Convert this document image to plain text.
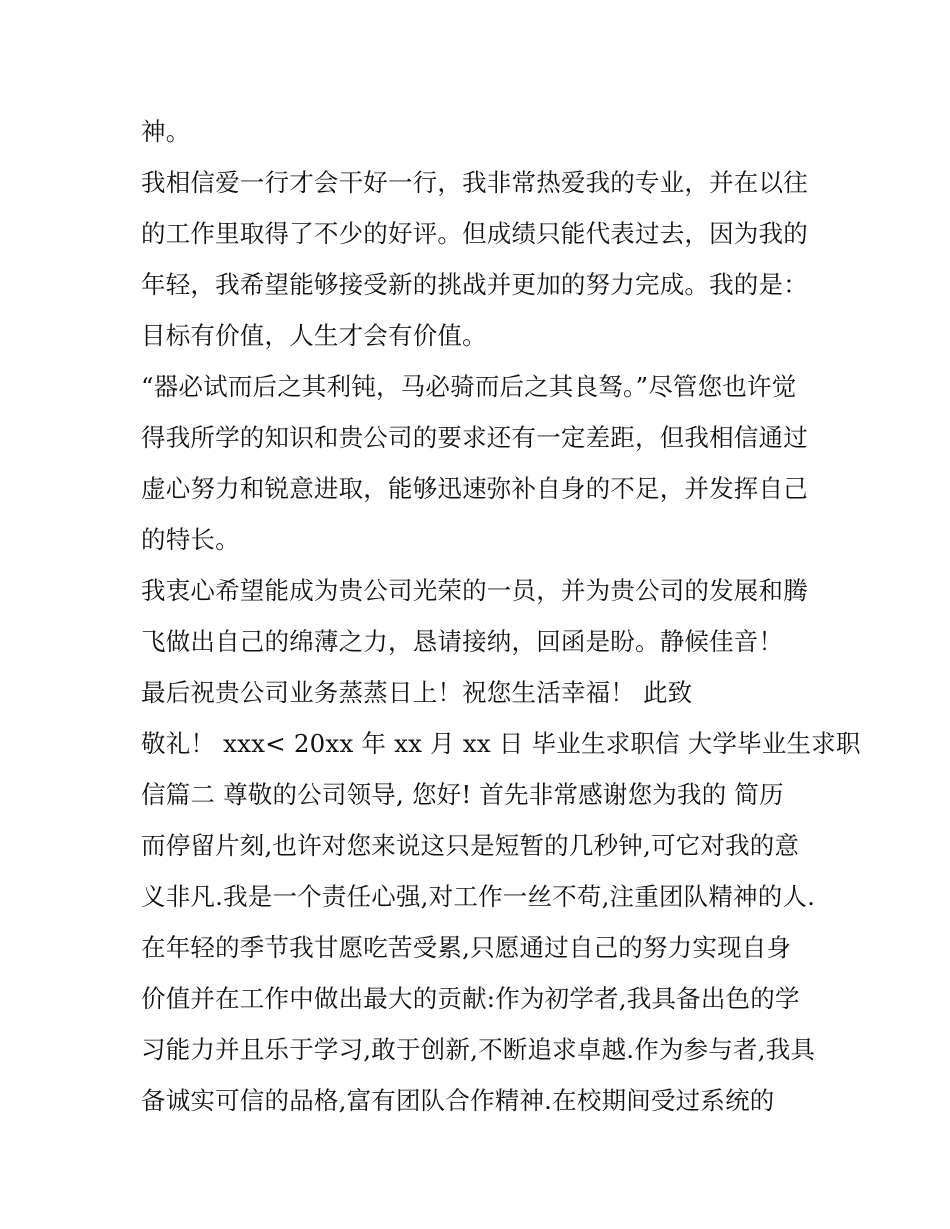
神。
我相信爱一行才会干好一行，我非常热爱我的专业，并在以往
的工作里取得了不少的好评。但成绩只能代表过去，因为我的
年轻，我希望能够接受新的挑战并更加的努力完成。我的是：
目标有价值，人生才会有价值。
“器必试而后之其利钝，马必骑而后之其良驽。”尽管您也许觉
得我所学的知识和贵公司的要求还有一定差距，但我相信通过
虚心努力和锐意进取，能够迅速弥补自身的不足，并发挥自己
的特长。
我衷心希望能成为贵公司光荣的一员，并为贵公司的发展和腾
飞做出自己的绵薄之力，恳请接纳，回函是盼。静候佳音！
最后祝贵公司业务蒸蒸日上！祝您生活幸福！ 此致
敬礼！ xxx< 20xx 年 xx 月 xx 日 毕业生求职信 大学毕业生求职
信篇二 尊敬的公司领导, 您好! 首先非常感谢您为我的 简历
而停留片刻,也许对您来说这只是短暂的几秒钟,可它对我的意
义非凡.我是一个责任心强,对工作一丝不苟,注重团队精神的人.
在年轻的季节我甘愿吃苦受累,只愿通过自己的努力实现自身
价值并在工作中做出最大的贡献:作为初学者,我具备出色的学
习能力并且乐于学习,敢于创新,不断追求卓越.作为参与者,我具
备诚实可信的品格,富有团队合作精神.在校期间受过系统的
